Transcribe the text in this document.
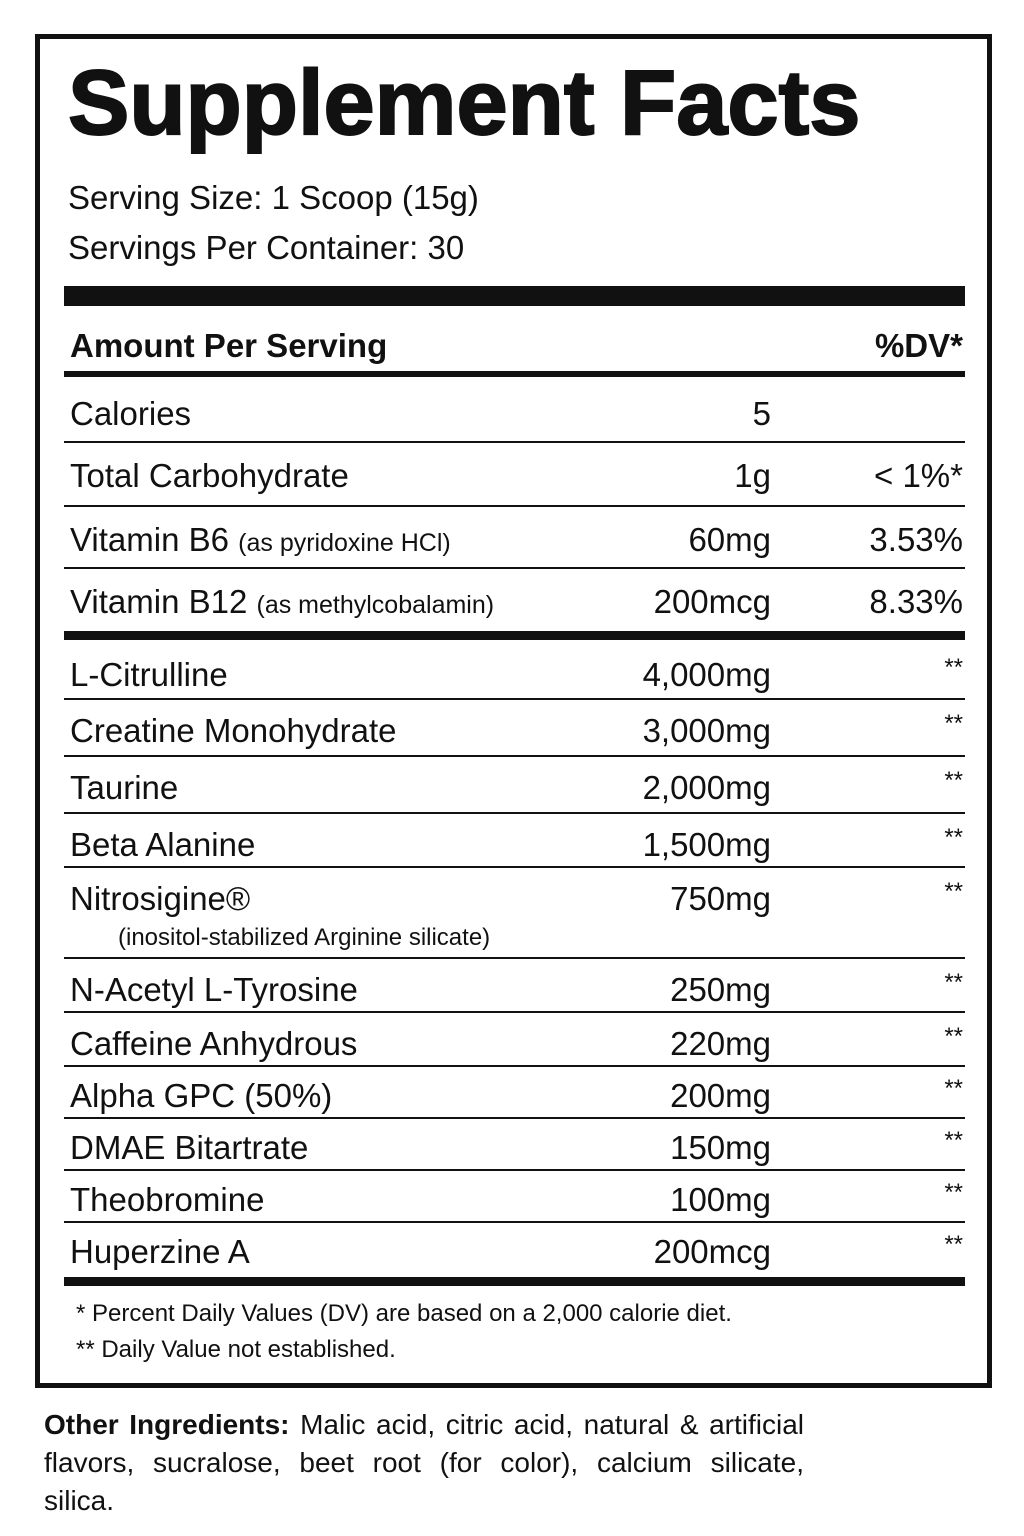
Supplement Facts
Serving Size: 1 Scoop (15g)
Servings Per Container: 30
Amount Per Serving	%DV*
Calories	5
Total Carbohydrate	1g	< 1%*
Vitamin B6 (as pyridoxine HCl)	60mg	3.53%
Vitamin B12 (as methylcobalamin)	200mcg	8.33%
L-Citrulline	4,000mg	**
Creatine Monohydrate	3,000mg	**
Taurine	2,000mg	**
Beta Alanine	1,500mg	**
Nitrosigine®
(inositol-stabilized Arginine silicate)
750mg	**
N-Acetyl L-Tyrosine	250mg	**
Caffeine Anhydrous	220mg	**
Alpha GPC (50%)	200mg	**
DMAE Bitartrate	150mg	**
Theobromine	100mg	**
Huperzine A	200mcg	**
* Percent Daily Values (DV) are based on a 2,000 calorie diet.
** Daily Value not established.
Other Ingredients: Malic acid, citric acid, natural & artificial flavors, sucralose, beet root (for color), calcium silicate, silica.
